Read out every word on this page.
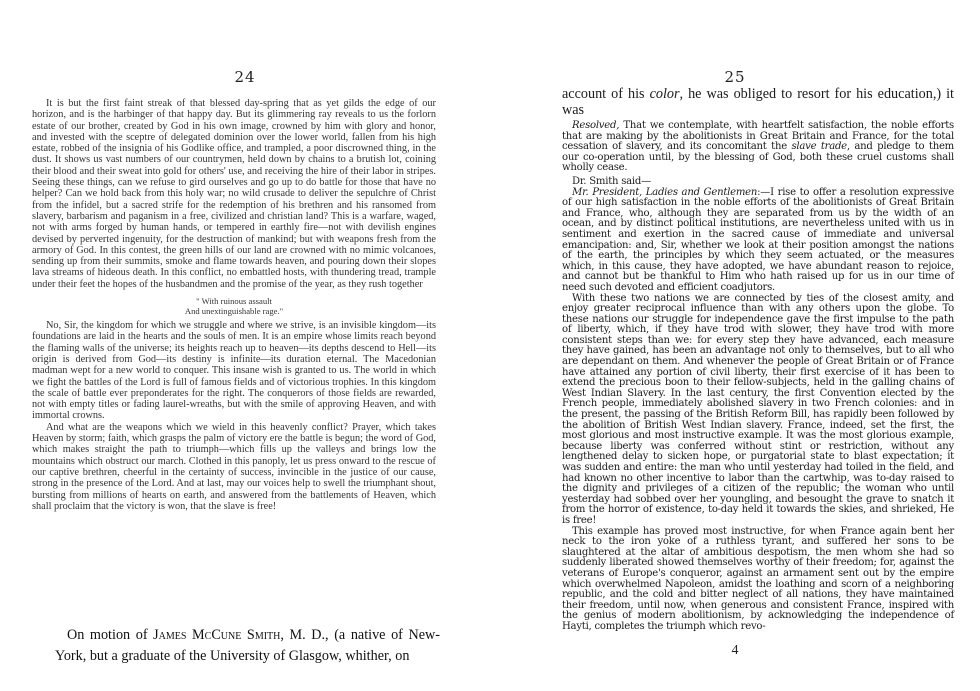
24

It is but the first faint streak of that blessed day-spring that as yet gilds the edge of our horizon, and is the harbinger of that happy day. But its glimmering ray reveals to us the forlorn estate of our brother, created by God in his own image, crowned by him with glory and honor, and invested with the sceptre of delegated dominion over the lower world, fallen from his high estate, robbed of the insignia of his Godlike office, and trampled, a poor discrowned thing, in the dust. It shows us vast numbers of our countrymen, held down by chains to a brutish lot, coining their blood and their sweat into gold for others' use, and receiving the hire of their labor in stripes. Seeing these things, can we refuse to gird ourselves and go up to do battle for those that have no helper? Can we hold back from this holy war; no wild crusade to deliver the sepulchre of Christ from the infidel, but a sacred strife for the redemption of his brethren and his ransomed from slavery, barbarism and paganism in a free, civilized and christian land? This is a warfare, waged, not with arms forged by human hands, or tempered in earthly fire—not with devilish engines devised by perverted ingenuity, for the destruction of mankind; but with weapons fresh from the armory of God. In this contest, the green hills of our land are crowned with no mimic volcanoes, sending up from their summits, smoke and flame towards heaven, and pouring down their slopes lava streams of hideous death. In this conflict, no embattled hosts, with thundering tread, trample under their feet the hopes of the husbandmen and the promise of the year, as they rush together

" With ruinous assault
And unextinguishable rage."

No, Sir, the kingdom for which we struggle and where we strive, is an invisible kingdom—its foundations are laid in the hearts and the souls of men. It is an empire whose limits reach beyond the flaming walls of the universe; its heights reach up to heaven—its depths descend to Hell—its origin is derived from God—its destiny is infinite—its duration eternal. The Macedonian madman wept for a new world to conquer. This insane wish is granted to us. The world in which we fight the battles of the Lord is full of famous fields and of victorious trophies. In this kingdom the scale of battle ever preponderates for the right. The conquerors of those fields are rewarded, not with empty titles or fading laurel-wreaths, but with the smile of approving Heaven, and with immortal crowns.

And what are the weapons which we wield in this heavenly conflict? Prayer, which takes Heaven by storm; faith, which grasps the palm of victory ere the battle is begun; the word of God, which makes straight the path to triumph—which fills up the valleys and brings low the mountains which obstruct our march. Clothed in this panoply, let us press onward to the rescue of our captive brethren, cheerful in the certainty of success, invincible in the justice of our cause, strong in the presence of the Lord. And at last, may our voices help to swell the triumphant shout, bursting from millions of hearts on earth, and answered from the battlements of Heaven, which shall proclaim that the victory is won, that the slave is free!

On motion of James McCune Smith, M. D., (a native of New-York, but a graduate of the University of Glasgow, whither, on

25

account of his color, he was obliged to resort for his education,) it was

Resolved, That we contemplate, with heartfelt satisfaction, the noble efforts that are making by the abolitionists in Great Britain and France, for the total cessation of slavery, and its concomitant the slave trade, and pledge to them our co-operation until, by the blessing of God, both these cruel customs shall wholly cease.

Dr. Smith said—

Mr. President, Ladies and Gentlemen:—I rise to offer a resolution expressive of our high satisfaction in the noble efforts of the abolitionists of Great Britain and France, who, although they are separated from us by the width of an ocean, and by distinct political institutions, are nevertheless united with us in sentiment and exertion in the sacred cause of immediate and universal emancipation: and, Sir, whether we look at their position amongst the nations of the earth, the principles by which they seem actuated, or the measures which, in this cause, they have adopted, we have abundant reason to rejoice, and cannot but be thankful to Him who hath raised up for us in our time of need such devoted and efficient coadjutors.

With these two nations we are connected by ties of the closest amity, and enjoy greater reciprocal influence than with any others upon the globe. To these nations our struggle for independence gave the first impulse to the path of liberty, which, if they have trod with slower, they have trod with more consistent steps than we: for every step they have advanced, each measure they have gained, has been an advantage not only to themselves, but to all who are dependant on them. And whenever the people of Great Britain or of France have attained any portion of civil liberty, their first exercise of it has been to extend the precious boon to their fellow-subjects, held in the galling chains of West Indian Slavery. In the last century, the first Convention elected by the French people, immediately abolished slavery in two French colonies: and in the present, the passing of the British Reform Bill, has rapidly been followed by the abolition of British West Indian slavery. France, indeed, set the first, the most glorious and most instructive example. It was the most glorious example, because liberty was conferred without stint or restriction, without any lengthened delay to sicken hope, or purgatorial state to blast expectation; it was sudden and entire: the man who until yesterday had toiled in the field, and had known no other incentive to labor than the cartwhip, was to-day raised to the dignity and privileges of a citizen of the republic; the woman who until yesterday had sobbed over her youngling, and besought the grave to snatch it from the horror of existence, to-day held it towards the skies, and shrieked, He is free!

This example has proved most instructive, for when France again bent her neck to the iron yoke of a ruthless tyrant, and suffered her sons to be slaughtered at the altar of ambitious despotism, the men whom she had so suddenly liberated showed themselves worthy of their freedom; for, against the veterans of Europe's conqueror, against an armament sent out by the empire which overwhelmed Napoleon, amidst the loathing and scorn of a neighboring republic, and the cold and bitter neglect of all nations, they have maintained their freedom, until now, when generous and consistent France, inspired with the genius of modern abolitionism, by acknowledging the independence of Hayti, completes the triumph which revo-

4
